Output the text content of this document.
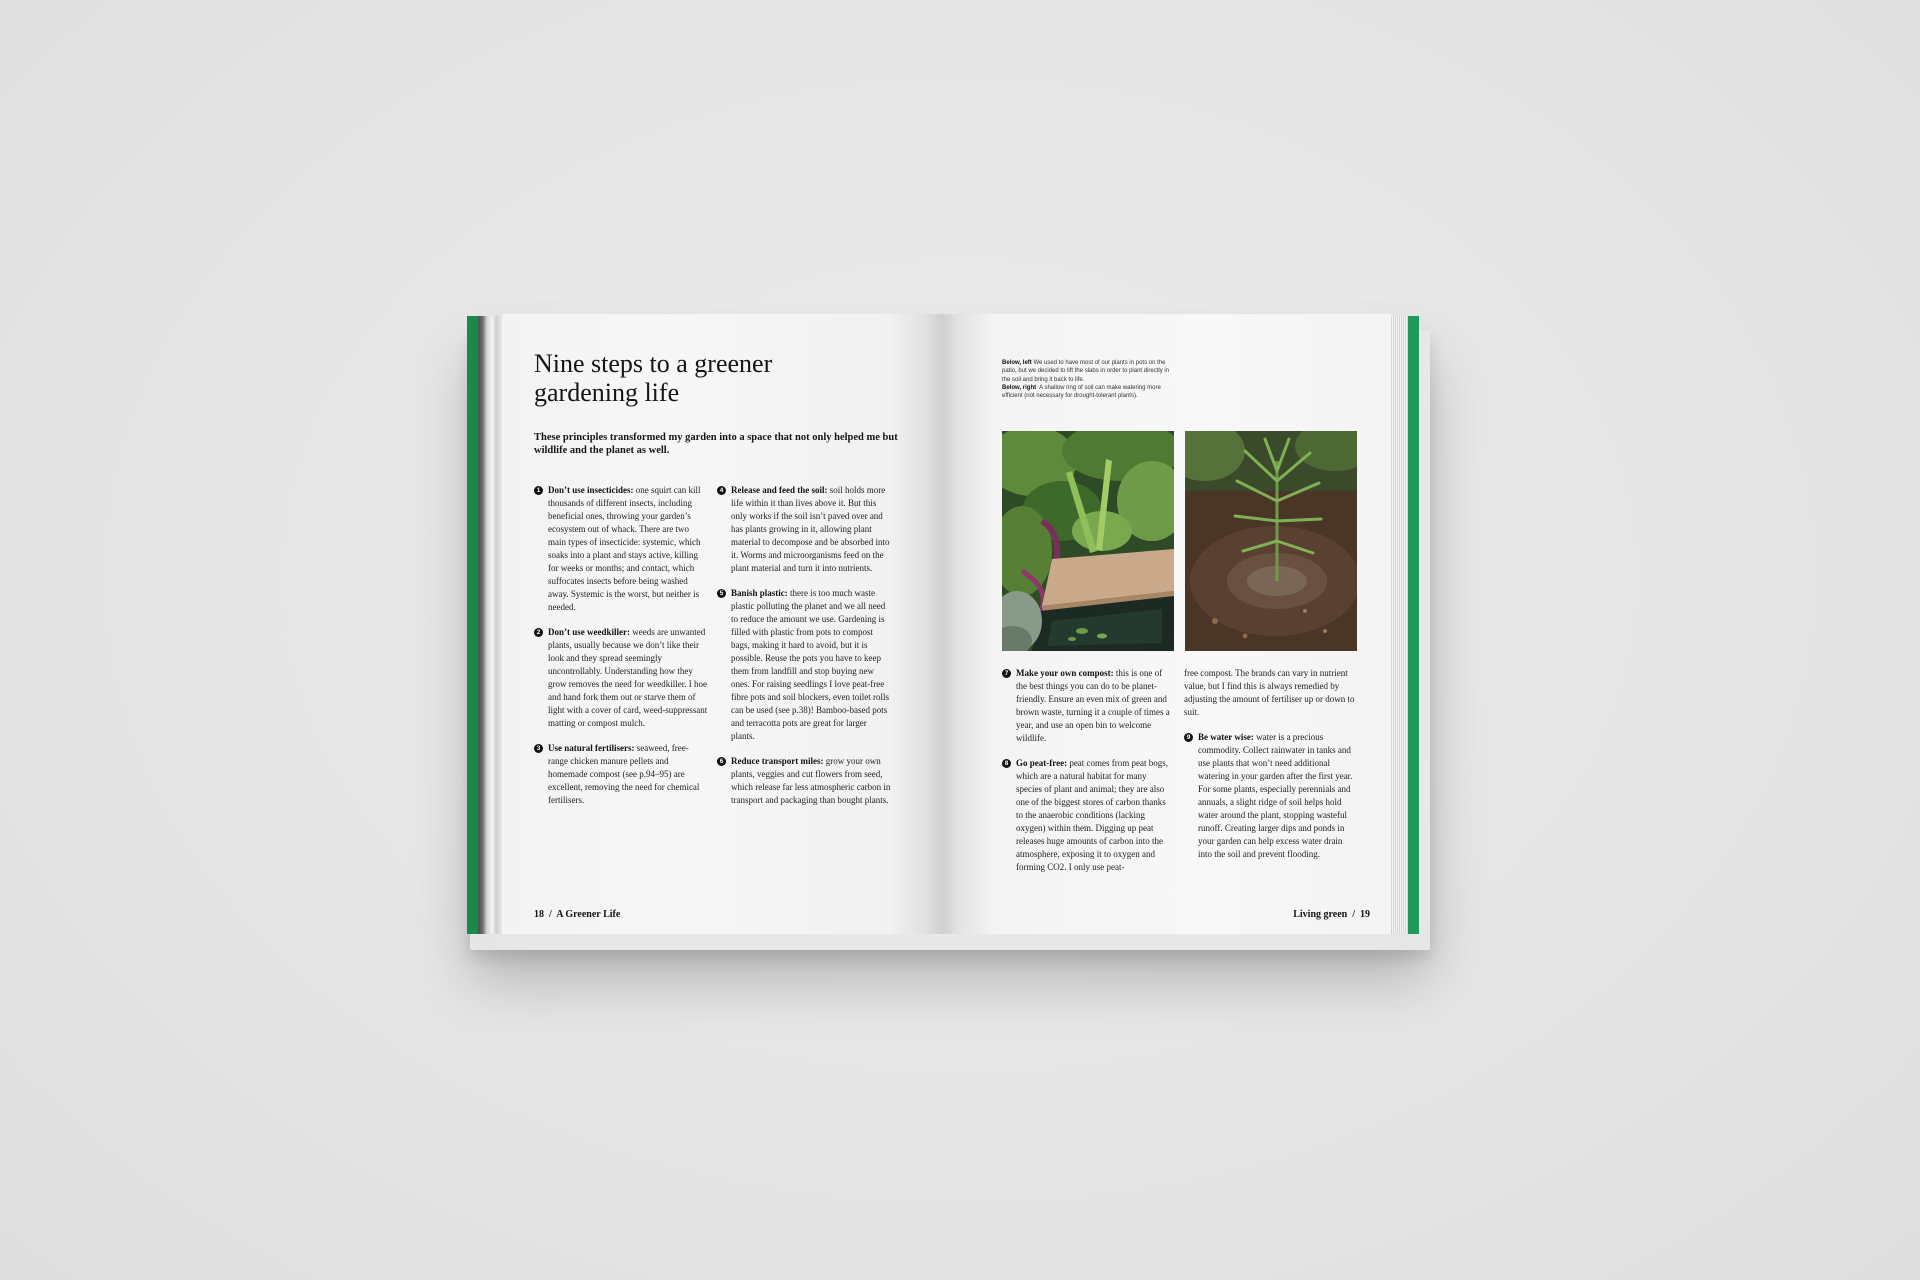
Nine steps to a greener gardening life

These principles transformed my garden into a space that not only helped me but wildlife and the planet as well.

1 Don’t use insecticides: one squirt can kill thousands of different insects, including beneficial ones, throwing your garden’s ecosystem out of whack. There are two main types of insecticide: systemic, which soaks into a plant and stays active, killing for weeks or months; and contact, which suffocates insects before being washed away. Systemic is the worst, but neither is needed.
2 Don’t use weedkiller: weeds are unwanted plants, usually because we don’t like their look and they spread seemingly uncontrollably. Understanding how they grow removes the need for weedkiller. I hoe and hand fork them out or starve them of light with a cover of card, weed-suppressant matting or compost mulch.
3 Use natural fertilisers: seaweed, free-range chicken manure pellets and homemade compost (see p.94–95) are excellent, removing the need for chemical fertilisers.
4 Release and feed the soil: soil holds more life within it than lives above it. But this only works if the soil isn’t paved over and has plants growing in it, allowing plant material to decompose and be absorbed into it. Worms and microorganisms feed on the plant material and turn it into nutrients.
5 Banish plastic: there is too much waste plastic polluting the planet and we all need to reduce the amount we use. Gardening is filled with plastic from pots to compost bags, making it hard to avoid, but it is possible. Reuse the pots you have to keep them from landfill and stop buying new ones. For raising seedlings I love peat-free fibre pots and soil blockers, even toilet rolls can be used (see p.38)! Bamboo-based pots and terracotta pots are great for larger plants.
6 Reduce transport miles: grow your own plants, veggies and cut flowers from seed, which release far less atmospheric carbon in transport and packaging than bought plants.
18  /  A Greener Life
Below, left We used to have most of our plants in pots on the patio, but we decided to lift the slabs in order to plant directly in the soil and bring it back to life.
Below, right  A shallow ring of soil can make watering more efficient (not necessary for drought-tolerant plants).
7 Make your own compost: this is one of the best things you can do to be planet-friendly. Ensure an even mix of green and brown waste, turning it a couple of times a year, and use an open bin to welcome wildlife.
8 Go peat-free: peat comes from peat bogs, which are a natural habitat for many species of plant and animal; they are also one of the biggest stores of carbon thanks to the anaerobic conditions (lacking oxygen) within them. Digging up peat releases huge amounts of carbon into the atmosphere, exposing it to oxygen and forming CO2. I only use peat-
free compost. The brands can vary in nutrient value, but I find this is always remedied by adjusting the amount of fertiliser up or down to suit.
9 Be water wise: water is a precious commodity. Collect rainwater in tanks and use plants that won’t need additional watering in your garden after the first year. For some plants, especially perennials and annuals, a slight ridge of soil helps hold water around the plant, stopping wasteful runoff. Creating larger dips and ponds in your garden can help excess water drain into the soil and prevent flooding.
Living green  /  19
